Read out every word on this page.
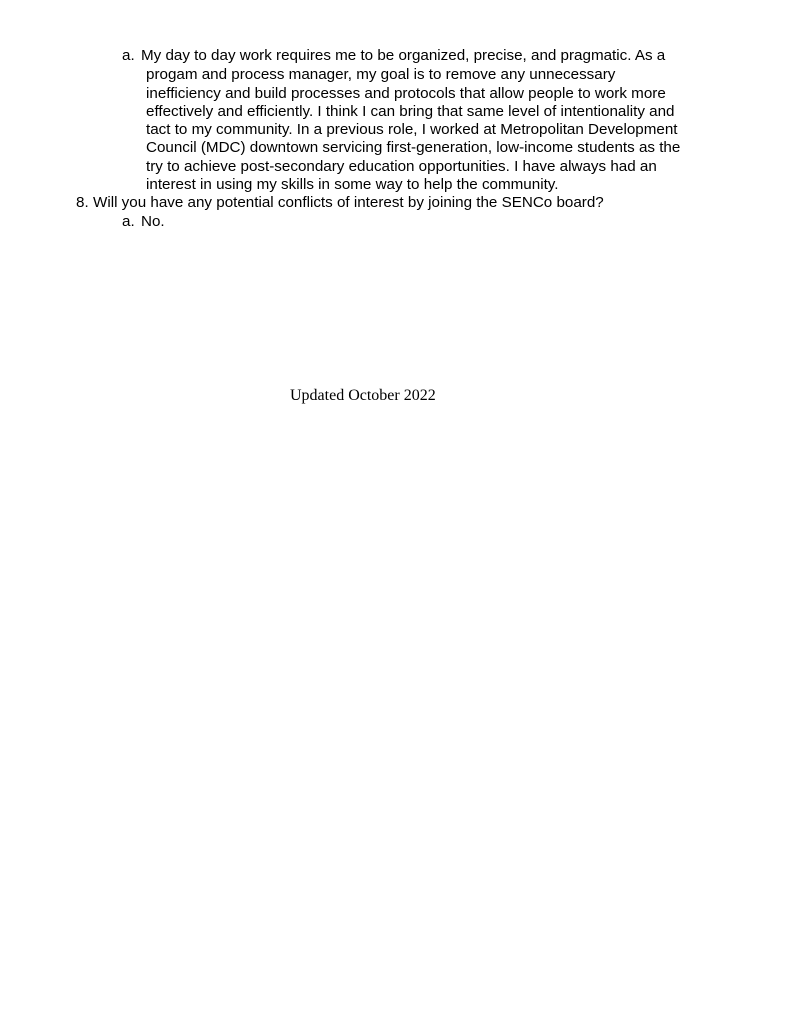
a. My day to day work requires me to be organized, precise, and pragmatic. As a
progam and process manager, my goal is to remove any unnecessary
inefficiency and build processes and protocols that allow people to work more
effectively and efficiently. I think I can bring that same level of intentionality and
tact to my community. In a previous role, I worked at Metropolitan Development
Council (MDC) downtown servicing first-generation, low-income students as the
try to achieve post-secondary education opportunities. I have always had an
interest in using my skills in some way to help the community.
8. Will you have any potential conflicts of interest by joining the SENCo board?
a. No.
Updated October 2022
